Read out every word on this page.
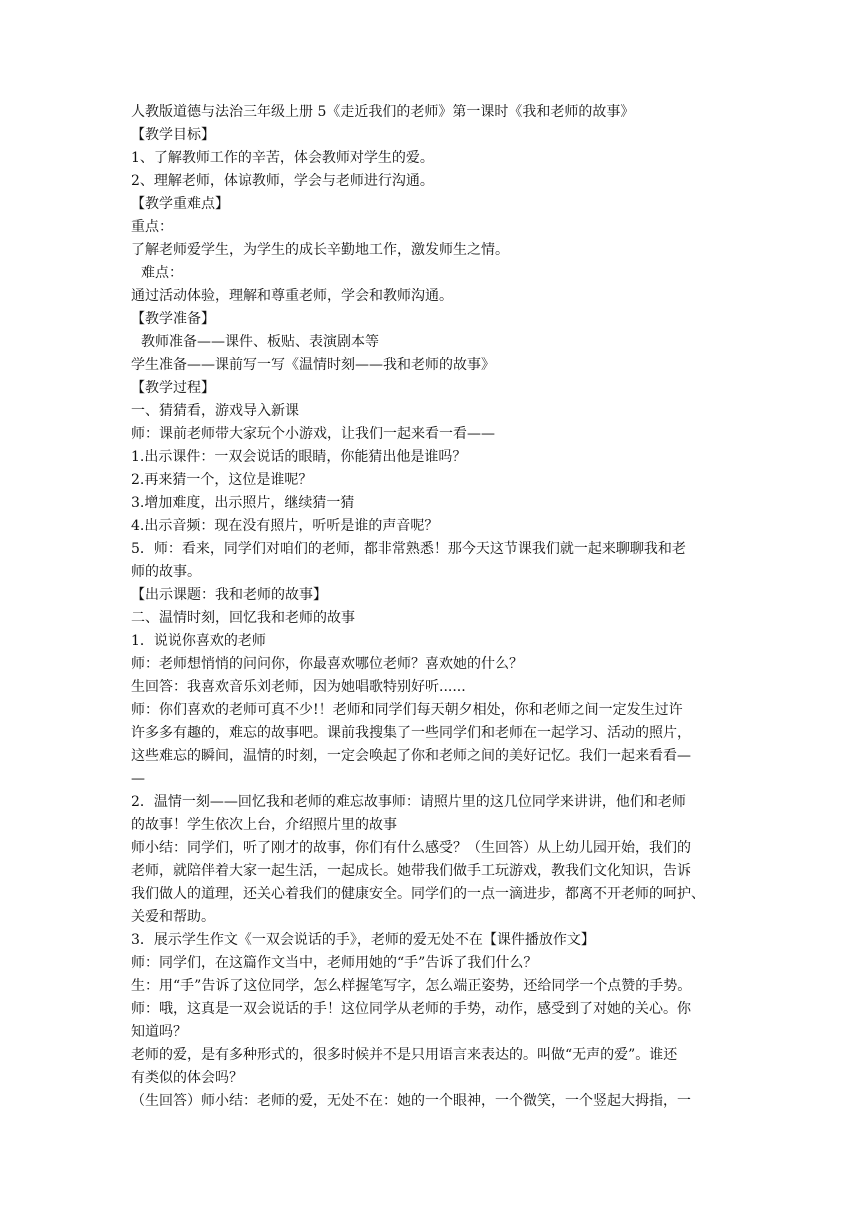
人教版道德与法治三年级上册 5《走近我们的老师》第一课时《我和老师的故事》
【教学目标】
1、了解教师工作的辛苦，体会教师对学生的爱。
2、理解老师，体谅教师，学会与老师进行沟通。
【教学重难点】
重点：
了解老师爱学生，为学生的成长辛勤地工作，激发师生之情。
难点：
通过活动体验，理解和尊重老师，学会和教师沟通。
【教学准备】
教师准备——课件、板贴、表演剧本等
学生准备——课前写一写《温情时刻——我和老师的故事》
【教学过程】
一、猜猜看，游戏导入新课
师：课前老师带大家玩个小游戏，让我们一起来看一看——
1.出示课件：一双会说话的眼睛，你能猜出他是谁吗？
2.再来猜一个，这位是谁呢？
3.增加难度，出示照片，继续猜一猜
4.出示音频：现在没有照片，听听是谁的声音呢？
5．师：看来，同学们对咱们的老师，都非常熟悉！那今天这节课我们就一起来聊聊我和老
师的故事。
【出示课题：我和老师的故事】
二、温情时刻，回忆我和老师的故事
1．说说你喜欢的老师
师：老师想悄悄的问问你，你最喜欢哪位老师？喜欢她的什么？
生回答：我喜欢音乐刘老师，因为她唱歌特别好听......
师：你们喜欢的老师可真不少!！老师和同学们每天朝夕相处，你和老师之间一定发生过许
许多多有趣的，难忘的故事吧。课前我搜集了一些同学们和老师在一起学习、活动的照片，
这些难忘的瞬间，温情的时刻，一定会唤起了你和老师之间的美好记忆。我们一起来看看—
—
2．温情一刻——回忆我和老师的难忘故事师：请照片里的这几位同学来讲讲，他们和老师
的故事！学生依次上台，介绍照片里的故事
师小结：同学们，听了刚才的故事，你们有什么感受？（生回答）从上幼儿园开始，我们的
老师，就陪伴着大家一起生活，一起成长。她带我们做手工玩游戏，教我们文化知识，告诉
我们做人的道理，还关心着我们的健康安全。同学们的一点一滴进步，都离不开老师的呵护、
关爱和帮助。
3．展示学生作文《一双会说话的手》，老师的爱无处不在【课件播放作文】
师：同学们，在这篇作文当中，老师用她的“手”告诉了我们什么？
生：用“手”告诉了这位同学，怎么样握笔写字，怎么端正姿势，还给同学一个点赞的手势。
师：哦，这真是一双会说话的手！这位同学从老师的手势，动作，感受到了对她的关心。你
知道吗？
老师的爱，是有多种形式的，很多时候并不是只用语言来表达的。叫做“无声的爱”。谁还
有类似的体会吗？
（生回答）师小结：老师的爱，无处不在：她的一个眼神，一个微笑，一个竖起大拇指，一
